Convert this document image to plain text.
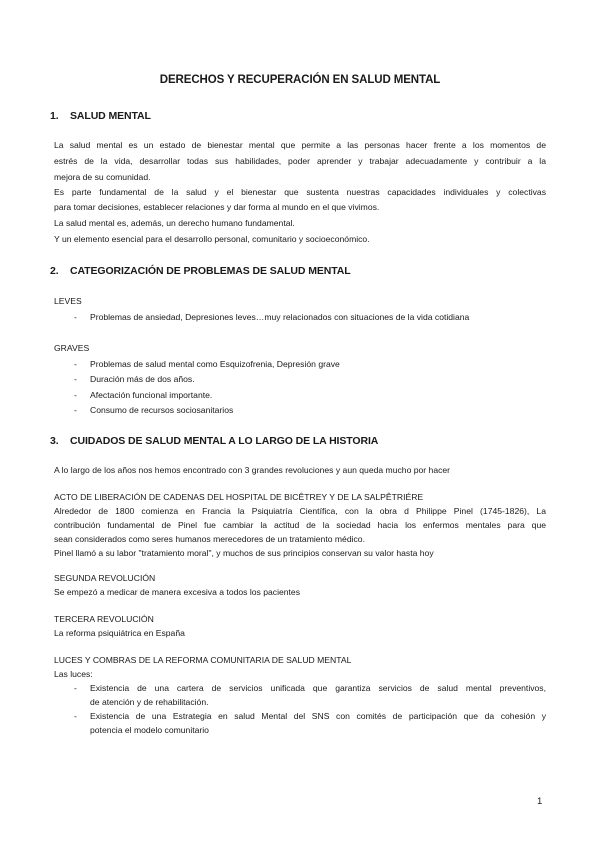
DERECHOS Y RECUPERACIÓN EN SALUD MENTAL
1. SALUD MENTAL
La salud mental es un estado de bienestar mental que permite a las personas hacer frente a los momentos de
estrés de la vida, desarrollar todas sus habilidades, poder aprender y trabajar adecuadamente y contribuir a la
mejora de su comunidad.
Es parte fundamental de la salud y el bienestar que sustenta nuestras capacidades individuales y colectivas
para tomar decisiones, establecer relaciones y dar forma al mundo en el que vivimos.
La salud mental es, además, un derecho humano fundamental.
Y un elemento esencial para el desarrollo personal, comunitario y socioeconómico.
2. CATEGORIZACIÓN DE PROBLEMAS DE SALUD MENTAL
LEVES
- Problemas de ansiedad, Depresiones leves…muy relacionados con situaciones de la vida cotidiana
GRAVES
- Problemas de salud mental como Esquizofrenia, Depresión grave
- Duración más de dos años.
- Afectación funcional importante.
- Consumo de recursos sociosanitarios
3. CUIDADOS DE SALUD MENTAL A LO LARGO DE LA HISTORIA
A lo largo de los años nos hemos encontrado con 3 grandes revoluciones y aun queda mucho por hacer
ACTO DE LIBERACIÓN DE CADENAS DEL HOSPITAL DE BICÊTREY Y DE LA SALPÊTRIÉRE
Alrededor de 1800 comienza en Francia la Psiquiatría Científica, con la obra d Philippe Pinel (1745-1826), La
contribución fundamental de Pinel fue cambiar la actitud de la sociedad hacia los enfermos mentales para que
sean considerados como seres humanos merecedores de un tratamiento médico.
Pinel llamó a su labor "tratamiento moral", y muchos de sus principios conservan su valor hasta hoy
SEGUNDA REVOLUCIÓN
Se empezó a medicar de manera excesiva a todos los pacientes
TERCERA REVOLUCIÓN
La reforma psiquiátrica en España
LUCES Y COMBRAS DE LA REFORMA COMUNITARIA DE SALUD MENTAL
Las luces:
- Existencia de una cartera de servicios unificada que garantiza servicios de salud mental preventivos,
de atención y de rehabilitación.
- Existencia de una Estrategia en salud Mental del SNS con comités de participación que da cohesión y
potencia el modelo comunitario
1
